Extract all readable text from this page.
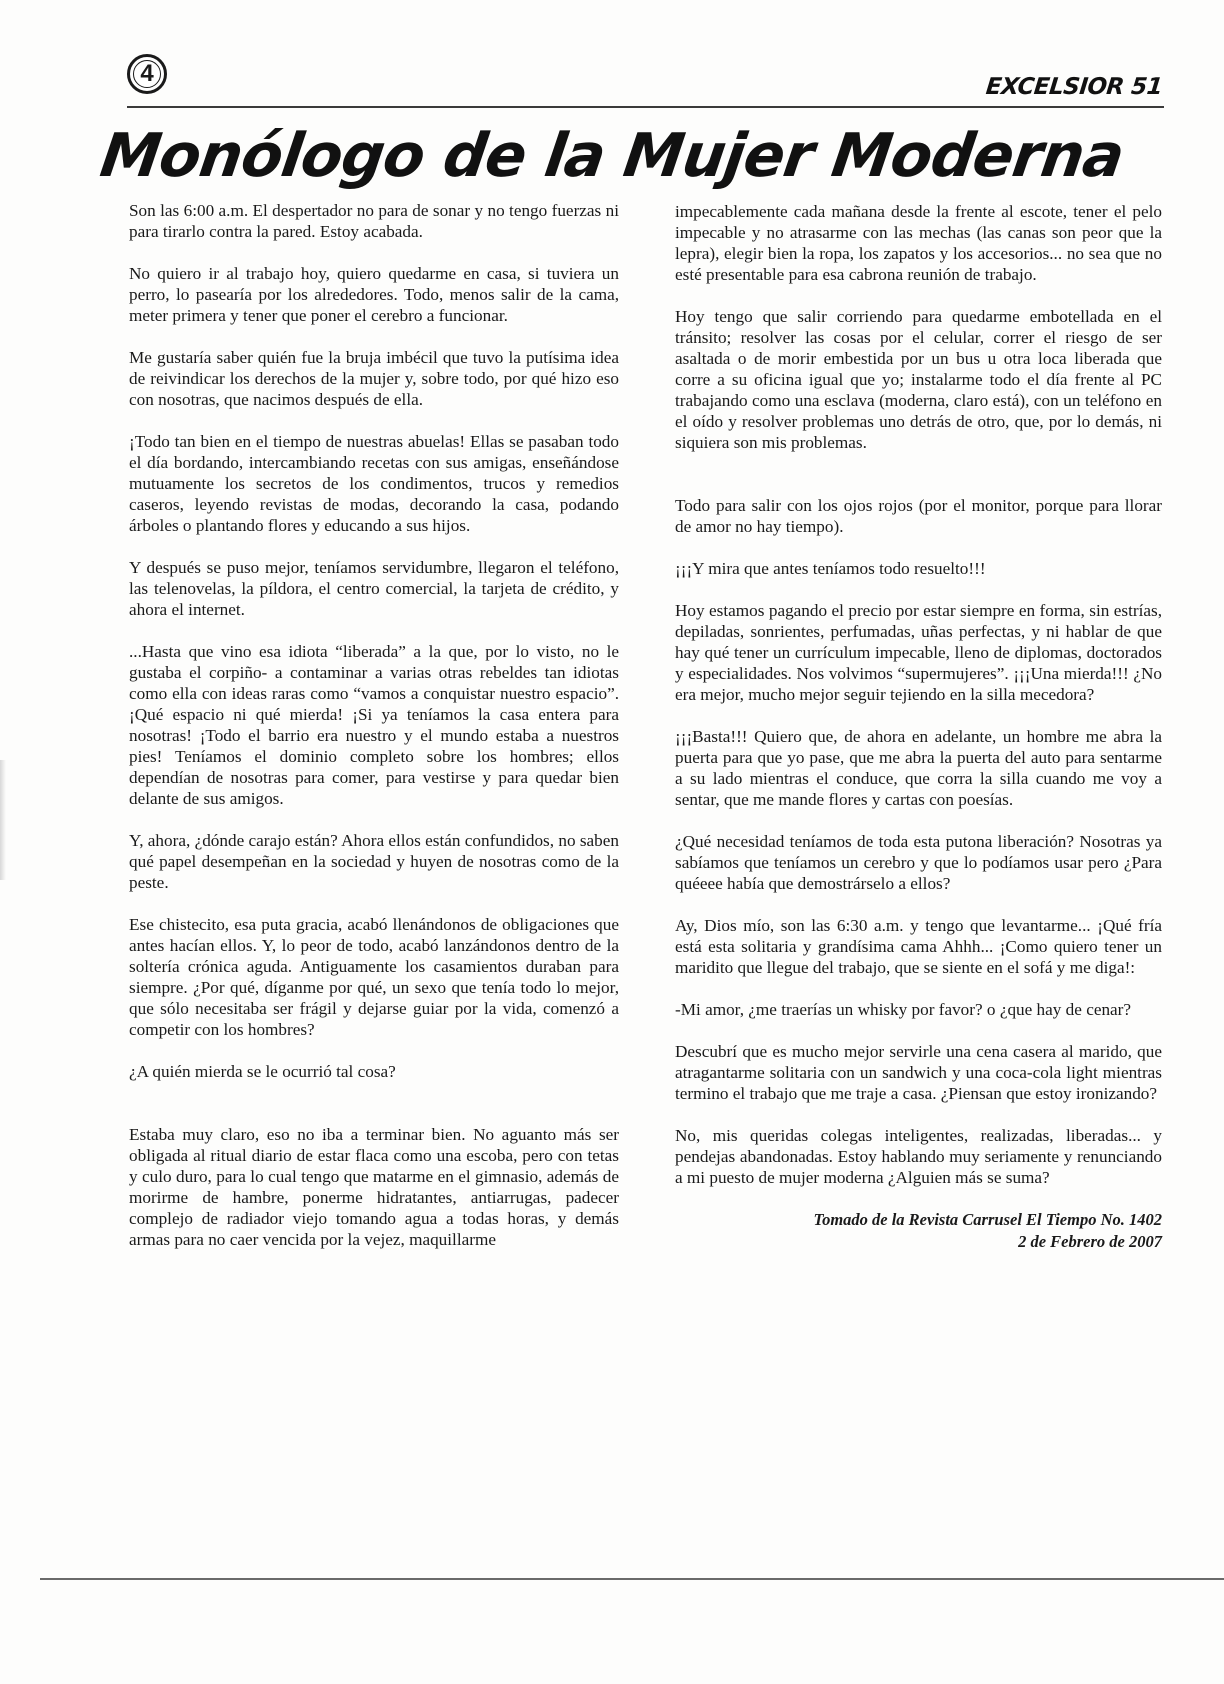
4	EXCELSIOR 51
Monólogo de la Mujer Moderna

Son las 6:00 a.m. El despertador no para de sonar y no tengo fuerzas ni para tirarlo contra la pared. Estoy acabada.

No quiero ir al trabajo hoy, quiero quedarme en casa, si tuviera un perro, lo pasearía por los alrededores. Todo, menos salir de la cama, meter primera y tener que poner el cerebro a funcionar.

Me gustaría saber quién fue la bruja imbécil que tuvo la putísima idea de reivindicar los derechos de la mujer y, sobre todo, por qué hizo eso con nosotras, que nacimos después de ella.

¡Todo tan bien en el tiempo de nuestras abuelas! Ellas se pasaban todo el día bordando, intercambiando recetas con sus amigas, enseñándose mutuamente los secretos de los condimentos, trucos y remedios caseros, leyendo revistas de modas, decorando la casa, podando árboles o plantando flores y educando a sus hijos.

Y después se puso mejor, teníamos servidumbre, llegaron el teléfono, las telenovelas, la píldora, el centro comercial, la tarjeta de crédito, y ahora el internet.

...Hasta que vino esa idiota “liberada” a la que, por lo visto, no le gustaba el corpiño- a contaminar a varias otras rebeldes tan idiotas como ella con ideas raras como “vamos a conquistar nuestro espacio”. ¡Qué espacio ni qué mierda! ¡Si ya teníamos la casa entera para nosotras! ¡Todo el barrio era nuestro y el mundo estaba a nuestros pies! Teníamos el dominio completo sobre los hombres; ellos dependían de nosotras para comer, para vestirse y para quedar bien delante de sus amigos.

Y, ahora, ¿dónde carajo están? Ahora ellos están confundidos, no saben qué papel desempeñan en la sociedad y huyen de nosotras como de la peste.

Ese chistecito, esa puta gracia, acabó llenándonos de obligaciones que antes hacían ellos. Y, lo peor de todo, acabó lanzándonos dentro de la soltería crónica aguda. Antiguamente los casamientos duraban para siempre. ¿Por qué, díganme por qué, un sexo que tenía todo lo mejor, que sólo necesitaba ser frágil y dejarse guiar por la vida, comenzó a competir con los hombres?

¿A quién mierda se le ocurrió tal cosa?

Estaba muy claro, eso no iba a terminar bien. No aguanto más ser obligada al ritual diario de estar flaca como una escoba, pero con tetas y culo duro, para lo cual tengo que matarme en el gimnasio, además de morirme de hambre, ponerme hidratantes, antiarrugas, padecer complejo de radiador viejo tomando agua a todas horas, y demás armas para no caer vencida por la vejez, maquillarme

impecablemente cada mañana desde la frente al escote, tener el pelo impecable y no atrasarme con las mechas (las canas son peor que la lepra), elegir bien la ropa, los zapatos y los accesorios... no sea que no esté presentable para esa cabrona reunión de trabajo.

Hoy tengo que salir corriendo para quedarme embotellada en el tránsito; resolver las cosas por el celular, correr el riesgo de ser asaltada o de morir embestida por un bus u otra loca liberada que corre a su oficina igual que yo; instalarme todo el día frente al PC trabajando como una esclava (moderna, claro está), con un teléfono en el oído y resolver problemas uno detrás de otro, que, por lo demás, ni siquiera son mis problemas.

Todo para salir con los ojos rojos (por el monitor, porque para llorar de amor no hay tiempo).

¡¡¡Y mira que antes teníamos todo resuelto!!!

Hoy estamos pagando el precio por estar siempre en forma, sin estrías, depiladas, sonrientes, perfumadas, uñas perfectas, y ni hablar de que hay qué tener un currículum impecable, lleno de diplomas, doctorados y especialidades. Nos volvimos “supermujeres”. ¡¡¡Una mierda!!! ¿No era mejor, mucho mejor seguir tejiendo en la silla mecedora?

¡¡¡Basta!!! Quiero que, de ahora en adelante, un hombre me abra la puerta para que yo pase, que me abra la puerta del auto para sentarme a su lado mientras el conduce, que corra la silla cuando me voy a sentar, que me mande flores y cartas con poesías.

¿Qué necesidad teníamos de toda esta putona liberación? Nosotras ya sabíamos que teníamos un cerebro y que lo podíamos usar pero ¿Para quéeee había que demostrárselo a ellos?

Ay, Dios mío, son las 6:30 a.m. y tengo que levantarme... ¡Qué fría está esta solitaria y grandísima cama Ahhh... ¡Como quiero tener un maridito que llegue del trabajo, que se siente en el sofá y me diga!:

-Mi amor, ¿me traerías un whisky por favor? o ¿que hay de cenar?

Descubrí que es mucho mejor servirle una cena casera al marido, que atragantarme solitaria con un sandwich y una coca-cola light mientras termino el trabajo que me traje a casa. ¿Piensan que estoy ironizando?

No, mis queridas colegas inteligentes, realizadas, liberadas... y pendejas abandonadas. Estoy hablando muy seriamente y renunciando a mi puesto de mujer moderna ¿Alguien más se suma?

Tomado de la Revista Carrusel El Tiempo No. 1402
2 de Febrero de 2007
